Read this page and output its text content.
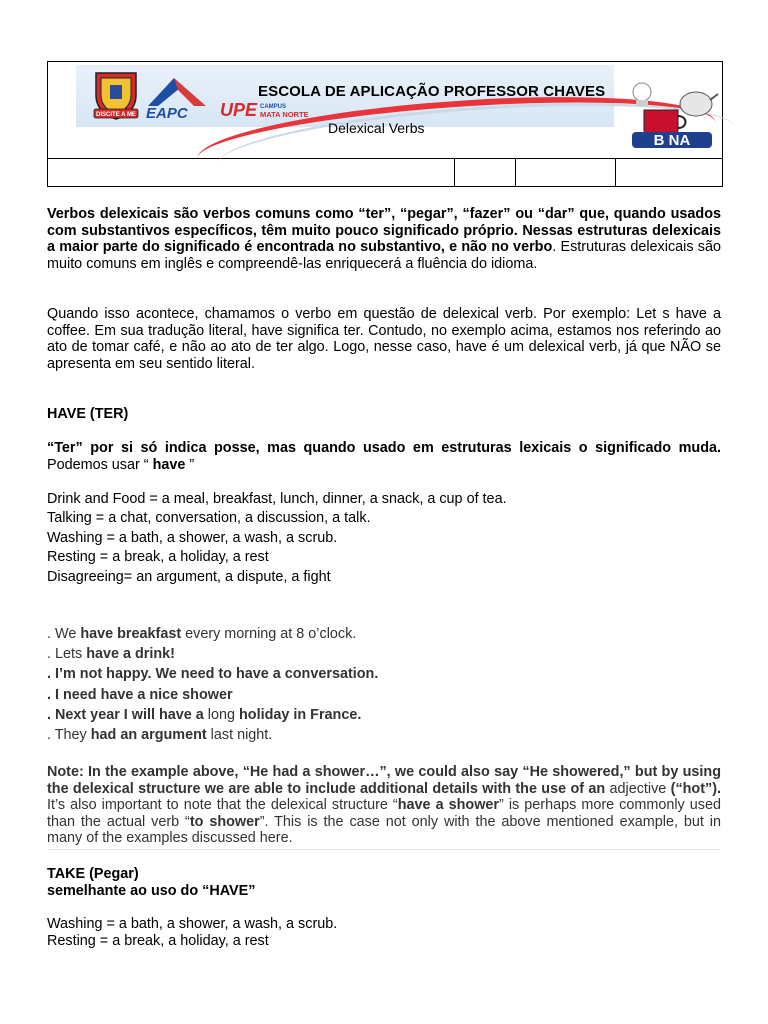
DISCITE A ME EAPC UPE CAMPUS
MATA NORTE
ESCOLA DE APLICAÇÃO PROFESSOR CHAVES
Delexical Verbs
B NA
Verbos delexicais são verbos comuns como “ter”, “pegar”, “fazer” ou “dar” que, quando usados com substantivos específicos, têm muito pouco significado próprio. Nessas estruturas delexicais a maior parte do significado é encontrada no substantivo, e não no verbo. Estruturas delexicais são muito comuns em inglês e compreendê-las enriquecerá a fluência do idioma.
Quando isso acontece, chamamos o verbo em questão de delexical verb. Por exemplo: Let s have a coffee. Em sua tradução literal, have significa ter. Contudo, no exemplo acima, estamos nos referindo ao ato de tomar café, e não ao ato de ter algo. Logo, nesse caso, have é um delexical verb, já que NÃO se apresenta em seu sentido literal.
HAVE (TER)
“Ter” por si só indica posse, mas quando usado em estruturas lexicais o significado muda. Podemos usar “ have ”
Drink and Food = a meal, breakfast, lunch, dinner, a snack, a cup of tea.
Talking = a chat, conversation, a discussion, a talk.
Washing = a bath, a shower, a wash, a scrub.
Resting = a break, a holiday, a rest
Disagreeing= an argument, a dispute, a fight
. We have breakfast every morning at 8 o’clock.
. Lets have a drink!
. I’m not happy. We need to have a conversation.
. I need have a nice shower
. Next year I will have a long holiday in France.
. They had an argument last night.
Note: In the example above, “He had a shower…”, we could also say “He showered,” but by using the delexical structure we are able to include additional details with the use of an adjective (“hot”). It’s also important to note that the delexical structure “have a shower” is perhaps more commonly used than the actual verb “to shower”. This is the case not only with the above mentioned example, but in many of the examples discussed here.
TAKE (Pegar)
semelhante ao uso do “HAVE”
Washing = a bath, a shower, a wash, a scrub.
Resting = a break, a holiday, a rest
